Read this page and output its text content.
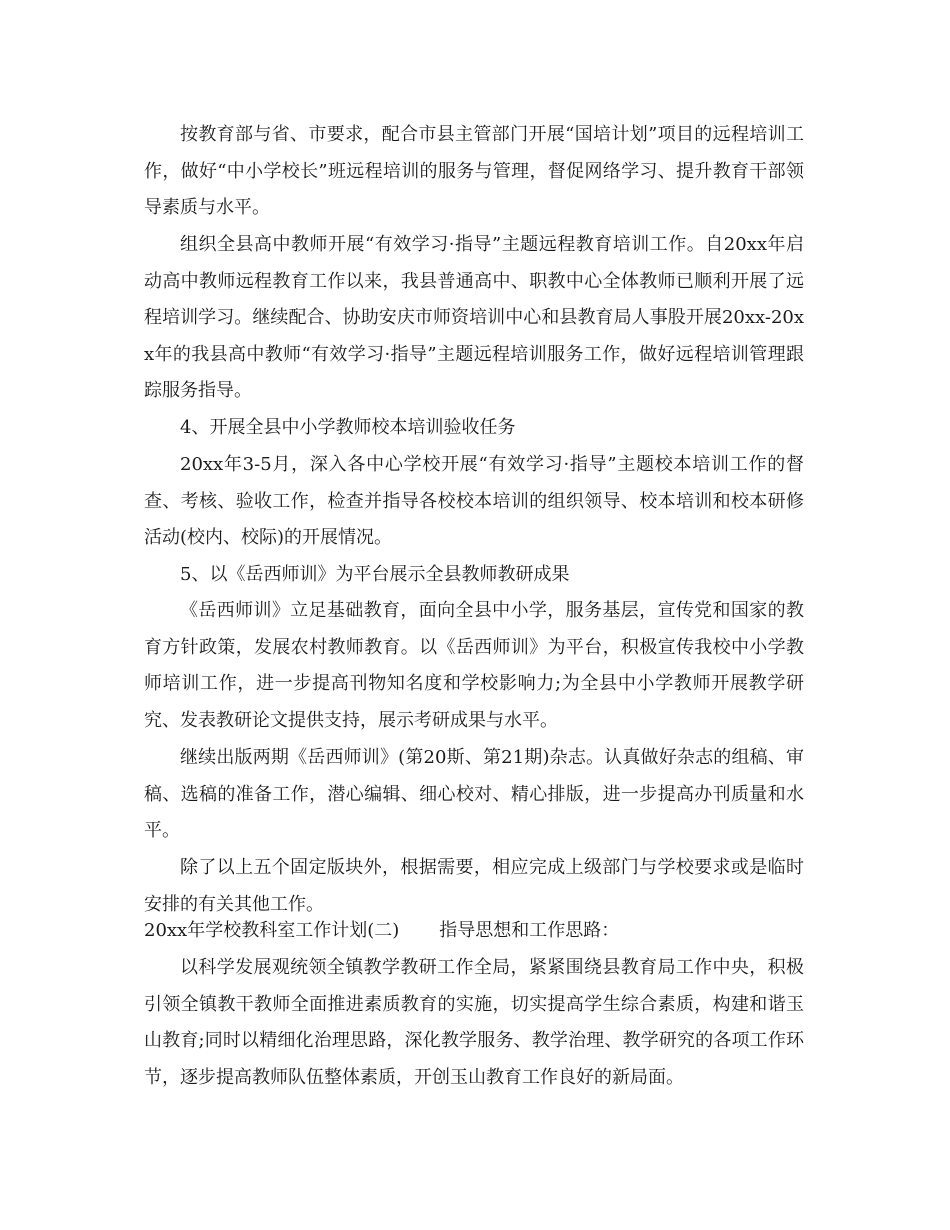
按教育部与省、市要求，配合市县主管部门开展“国培计划”项目的远程培训工作，做好“中小学校长”班远程培训的服务与管理，督促网络学习、提升教育干部领导素质与水平。

组织全县高中教师开展“有效学习·指导”主题远程教育培训工作。自20xx年启动高中教师远程教育工作以来，我县普通高中、职教中心全体教师已顺利开展了远程培训学习。继续配合、协助安庆市师资培训中心和县教育局人事股开展20xx-20xx年的我县高中教师“有效学习·指导”主题远程培训服务工作，做好远程培训管理跟踪服务指导。

4、开展全县中小学教师校本培训验收任务

20xx年3-5月，深入各中心学校开展“有效学习·指导”主题校本培训工作的督查、考核、验收工作，检查并指导各校校本培训的组织领导、校本培训和校本研修活动(校内、校际)的开展情况。

5、以《岳西师训》为平台展示全县教师教研成果

《岳西师训》立足基础教育，面向全县中小学，服务基层，宣传党和国家的教育方针政策，发展农村教师教育。以《岳西师训》为平台，积极宣传我校中小学教师培训工作，进一步提高刊物知名度和学校影响力;为全县中小学教师开展教学研究、发表教研论文提供支持，展示考研成果与水平。

继续出版两期《岳西师训》(第20斯、第21期)杂志。认真做好杂志的组稿、审稿、选稿的准备工作，潜心编辑、细心校对、精心排版，进一步提高办刊质量和水平。

除了以上五个固定版块外，根据需要，相应完成上级部门与学校要求或是临时安排的有关其他工作。

20xx年学校教科室工作计划(二) 指导思想和工作思路：

以科学发展观统领全镇教学教研工作全局，紧紧围绕县教育局工作中央，积极引领全镇教干教师全面推进素质教育的实施，切实提高学生综合素质，构建和谐玉山教育;同时以精细化治理思路，深化教学服务、教学治理、教学研究的各项工作环节，逐步提高教师队伍整体素质，开创玉山教育工作良好的新局面。
